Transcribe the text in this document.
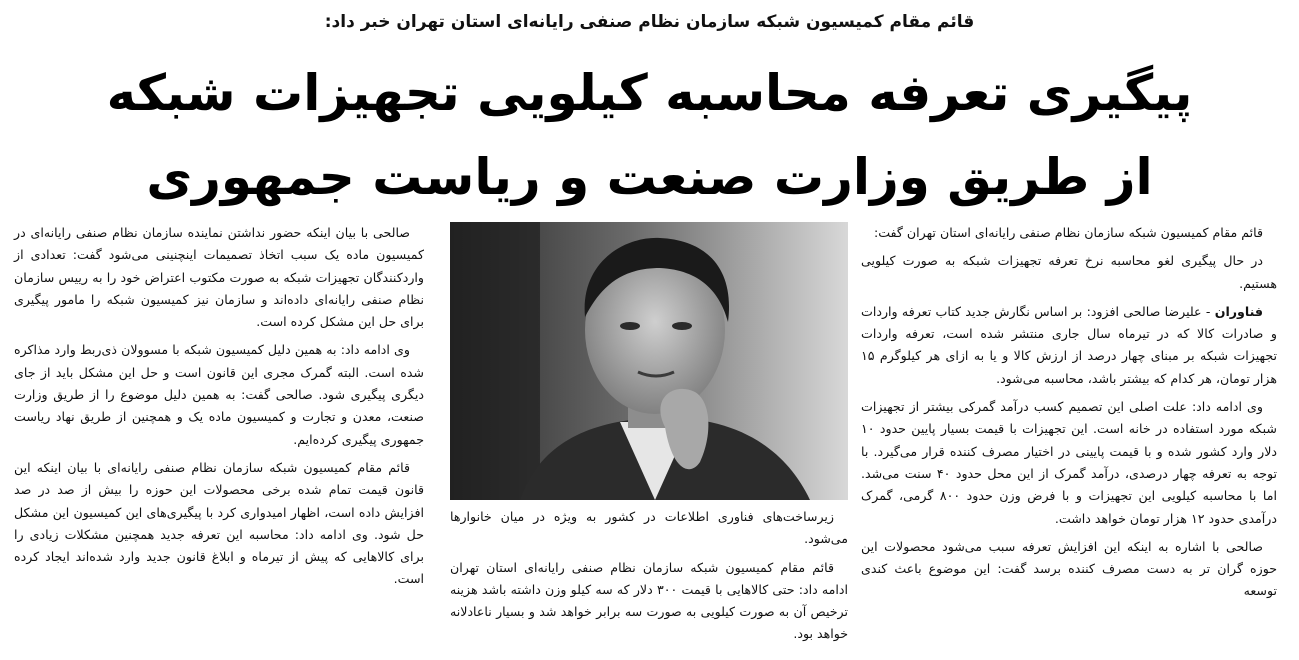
قائم مقام کمیسیون شبکه سازمان نظام صنفی رایانه‌ای استان تهران خبر داد:
پیگیری تعرفه محاسبه کیلویی تجهیزات شبکه
از طریق وزارت صنعت و ریاست جمهوری

قائم مقام کمیسیون شبکه سازمان نظام صنفی رایانه‌ای استان تهران گفت:

در حال پیگیری لغو محاسبه نرخ تعرفه تجهیزات شبکه به صورت کیلویی هستیم.

فناوران - علیرضا صالحی افزود: بر اساس نگارش جدید کتاب تعرفه واردات و صادرات کالا که در تیرماه سال جاری منتشر شده است، تعرفه واردات تجهیزات شبکه بر مبنای چهار درصد از ارزش کالا و یا به ازای هر کیلوگرم ۱۵ هزار تومان، هر کدام که بیشتر باشد، محاسبه می‌شود.

وی ادامه داد: علت اصلی این تصمیم کسب درآمد گمرکی بیشتر از تجهیزات شبکه مورد استفاده در خانه است. این تجهیزات با قیمت بسیار پایین حدود ۱۰ دلار وارد کشور شده و با قیمت پایینی در اختیار مصرف کننده قرار می‌گیرد. با توجه به تعرفه چهار درصدی، درآمد گمرک از این محل حدود ۴۰ سنت می‌شد. اما با محاسبه کیلویی این تجهیزات و با فرض وزن حدود ۸۰۰ گرمی، گمرک درآمدی حدود ۱۲ هزار تومان خواهد داشت.

صالحی با اشاره به اینکه این افزایش تعرفه سبب می‌شود محصولات این حوزه گران تر به دست مصرف کننده برسد گفت: این موضوع باعث کندی توسعه

زیرساخت‌های فناوری اطلاعات در کشور به ویژه در میان خانوارها می‌شود.

قائم مقام کمیسیون شبکه سازمان نظام صنفی رایانه‌ای استان تهران ادامه داد: حتی کالاهایی با قیمت ۳۰۰ دلار که سه کیلو وزن داشته باشد هزینه ترخیص آن به صورت کیلویی به صورت سه برابر خواهد شد و بسیار ناعادلانه خواهد بود.

صالحی با بیان اینکه حضور نداشتن نماینده سازمان نظام صنفی رایانه‌ای در کمیسیون ماده یک سبب اتخاذ تصمیمات اینچنینی می‌شود گفت: تعدادی از واردکنندگان تجهیزات شبکه به صورت مکتوب اعتراض خود را به رییس سازمان نظام صنفی رایانه‌ای داده‌اند و سازمان نیز کمیسیون شبکه را مامور پیگیری برای حل این مشکل کرده است.

وی ادامه داد: به همین دلیل کمیسیون شبکه با مسوولان ذی‌ربط وارد مذاکره شده است. البته گمرک مجری این قانون است و حل این مشکل باید از جای دیگری پیگیری شود. صالحی گفت: به همین دلیل موضوع را از طریق وزارت صنعت، معدن و تجارت و کمیسیون ماده یک و همچنین از طریق نهاد ریاست جمهوری پیگیری کرده‌ایم.

قائم مقام کمیسیون شبکه سازمان نظام صنفی رایانه‌ای با بیان اینکه این قانون قیمت تمام شده برخی محصولات این حوزه را بیش از صد در صد افزایش داده است، اظهار امیدواری کرد با پیگیری‌های این کمیسیون این مشکل حل شود. وی ادامه داد: محاسبه این تعرفه جدید همچنین مشکلات زیادی را برای کالاهایی که پیش از تیرماه و ابلاغ قانون جدید وارد شده‌اند ایجاد کرده است.
